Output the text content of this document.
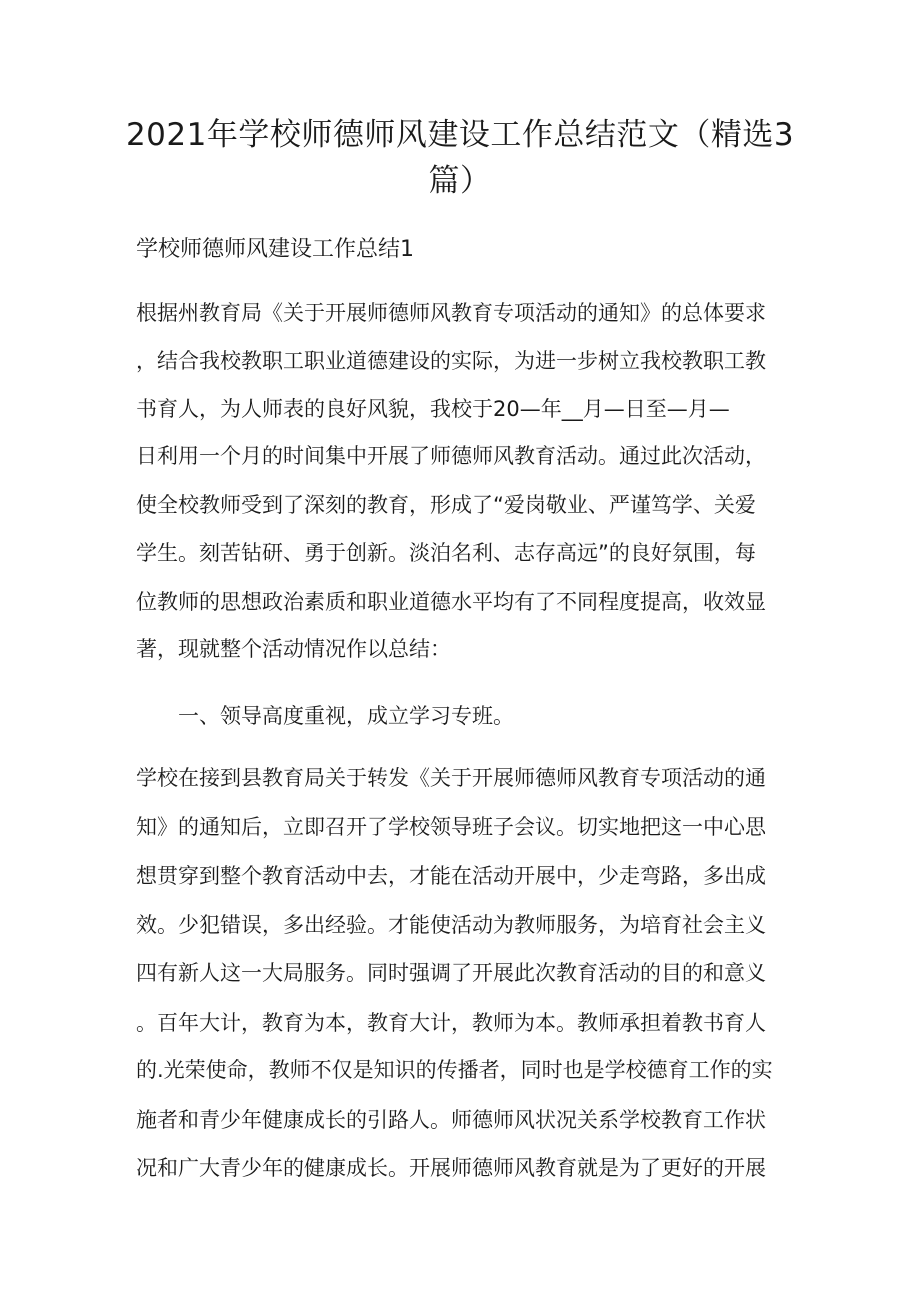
2021年学校师德师风建设工作总结范文（精选3篇）

学校师德师风建设工作总结1

根据州教育局《关于开展师德师风教育专项活动的通知》的总体要求

，结合我校教职工职业道德建设的实际，为进一步树立我校教职工教

书育人，为人师表的良好风貌，我校于20—年__月—日至—月—

日利用一个月的时间集中开展了师德师风教育活动。通过此次活动，

使全校教师受到了深刻的教育，形成了“爱岗敬业、严谨笃学、关爱

学生。刻苦钻研、勇于创新。淡泊名利、志存高远”的良好氛围，每

位教师的思想政治素质和职业道德水平均有了不同程度提高，收效显

著，现就整个活动情况作以总结：

一、领导高度重视，成立学习专班。

学校在接到县教育局关于转发《关于开展师德师风教育专项活动的通

知》的通知后，立即召开了学校领导班子会议。切实地把这一中心思

想贯穿到整个教育活动中去，才能在活动开展中，少走弯路，多出成

效。少犯错误，多出经验。才能使活动为教师服务，为培育社会主义

四有新人这一大局服务。同时强调了开展此次教育活动的目的和意义

。百年大计，教育为本，教育大计，教师为本。教师承担着教书育人

的.光荣使命，教师不仅是知识的传播者，同时也是学校德育工作的实

施者和青少年健康成长的引路人。师德师风状况关系学校教育工作状

况和广大青少年的健康成长。开展师德师风教育就是为了更好的开展
